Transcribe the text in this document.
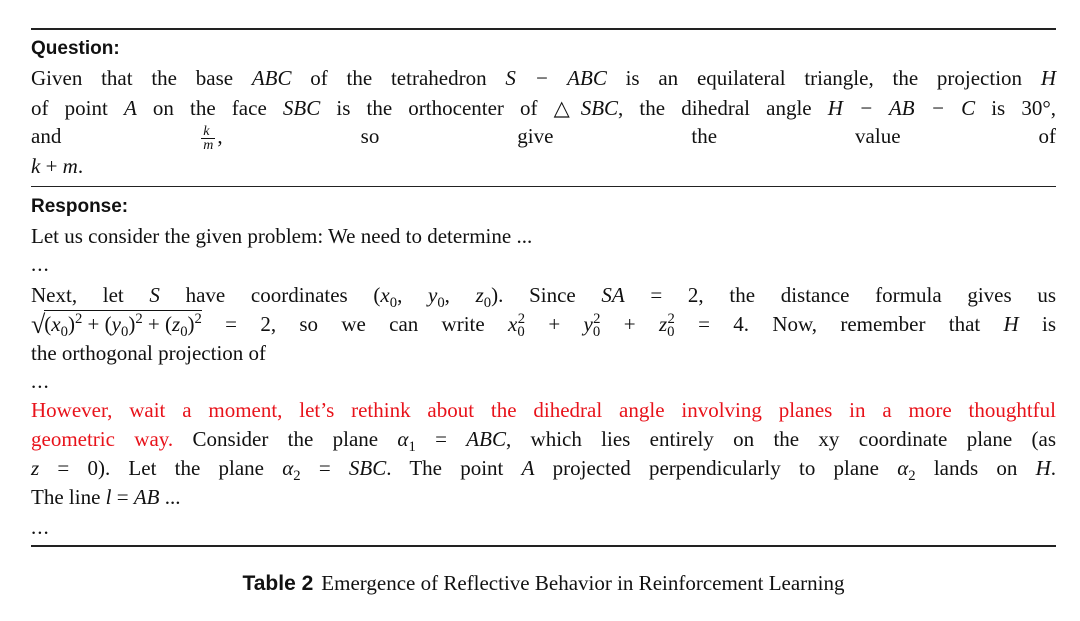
Question:
Given that the base ABC of the tetrahedron S − ABC is an equilateral triangle, the projection H
of point A on the face SBC is the orthocenter of △SBC, the dihedral angle H − AB − C is 30°,
and $\frac{k}{m}$ , so give the value of
k + m.
Response:
Let us consider the given problem: We need to determine ...
...
Next, let S have coordinates ($x_0$, $y_0$, $z_0$). Since SA = 2, the distance formula gives us
$√(x_0)^2 + (y_0)^2 + (z_0)^2 = 2$, so we can write $x_0^2 + y_0^2 + z_0^2 = 4$. Now, remember that H is
the orthogonal projection of
...
However, wait a moment, let’s rethink about the dihedral angle involving planes in a more thoughtful
geometric way. Consider the plane $\alpha_1$ = ABC, which lies entirely on the xy coordinate plane (as
z = 0). Let the plane $\alpha_2$ = SBC. The point A projected perpendicularly to plane $\alpha_2$ lands on H.
The line l = AB ...
...
Table 2 Emergence of Reflective Behavior in Reinforcement Learning
